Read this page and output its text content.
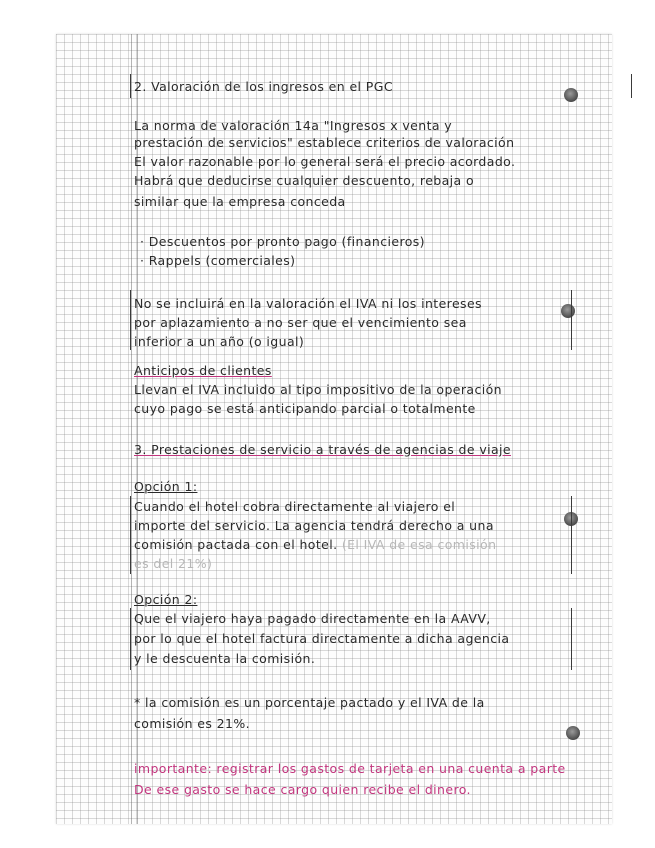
2. Valoración de los ingresos en el PGC

La norma de valoración 14a "Ingresos x venta y

prestación de servicios" establece criterios de valoración

El valor razonable por lo general será el precio acordado.

Habrá que deducirse cualquier descuento, rebaja o

similar que la empresa conceda

· Descuentos por pronto pago (financieros)

· Rappels (comerciales)

No se incluirá en la valoración el IVA ni los intereses

por aplazamiento a no ser que el vencimiento sea

inferior a un año (o igual)

Anticipos de clientes

Llevan el IVA incluido al tipo impositivo de la operación

cuyo pago se está anticipando parcial o totalmente

3. Prestaciones de servicio a través de agencias de viaje

Opción 1:

Cuando el hotel cobra directamente al viajero el

importe del servicio. La agencia tendrá derecho a una

comisión pactada con el hotel. (El IVA de esa comisión

es del 21%)

Opción 2:

Que el viajero haya pagado directamente en la AAVV,

por lo que el hotel factura directamente a dicha agencia

y le descuenta la comisión.

* la comisión es un porcentaje pactado y el IVA de la

comisión es 21%.

importante: registrar los gastos de tarjeta en una cuenta a parte

De ese gasto se hace cargo quien recibe el dinero.
